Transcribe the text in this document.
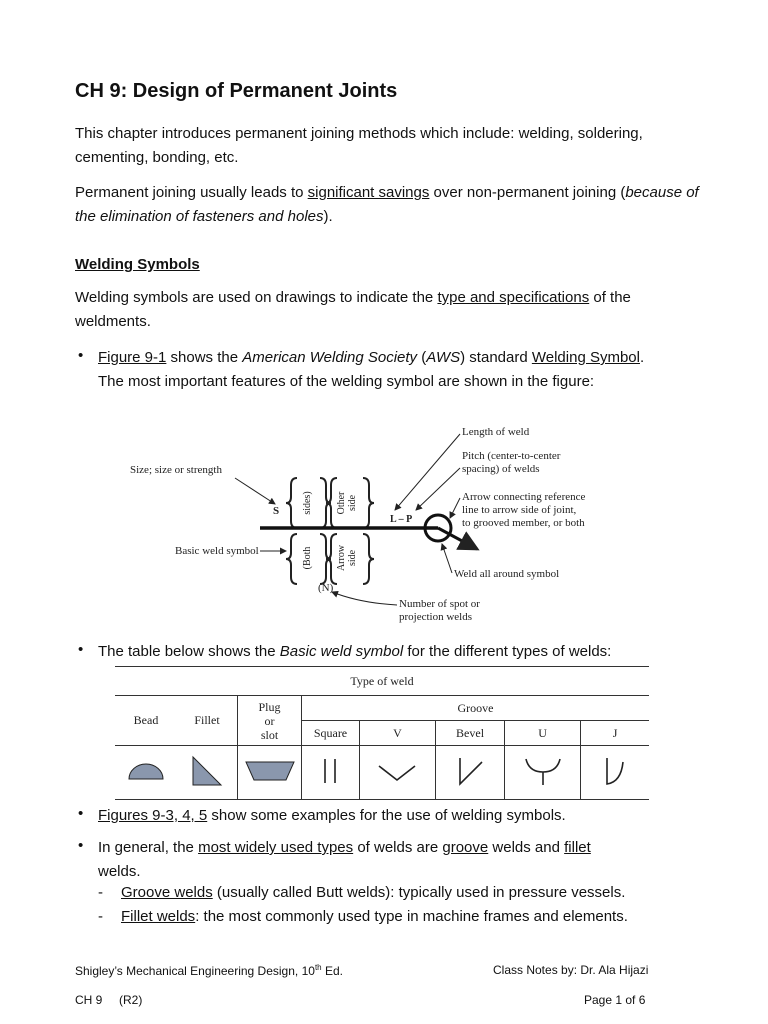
CH 9: Design of Permanent Joints
This chapter introduces permanent joining methods which include: welding, soldering, cementing, bonding, etc.
Permanent joining usually leads to significant savings over non-permanent joining (because of the elimination of fasteners and holes).
Welding Symbols
Welding symbols are used on drawings to indicate the type and specifications of the weldments.
• Figure 9-1 shows the American Welding Society (AWS) standard Welding Symbol.
The most important features of the welding symbol are shown in the figure:
Length of weld
Pitch (center-to-center
spacing) of welds
Size; size or strength
S
L – P
Arrow connecting reference
line to arrow side of joint,
to grooved member, or both
Basic weld symbol
Weld all around symbol
(N)
Number of spot or
projection welds
sides) Other side
(Both Arrow side
• The table below shows the Basic weld symbol for the different types of welds:
Type of weld							
Bead	Fillet	Plug
or
slot	Groove				
			Square	V	Bevel	U	J

• Figures 9-3, 4, 5 show some examples for the use of welding symbols.
• In general, the most widely used types of welds are groove welds and fillet
welds.
- Groove welds (usually called Butt welds): typically used in pressure vessels.
- Fillet welds: the most commonly used type in machine frames and elements.
Shigley’s Mechanical Engineering Design, 10th Ed.	Class Notes by: Dr. Ala Hijazi
CH 9     (R2)	Page 1 of 6
